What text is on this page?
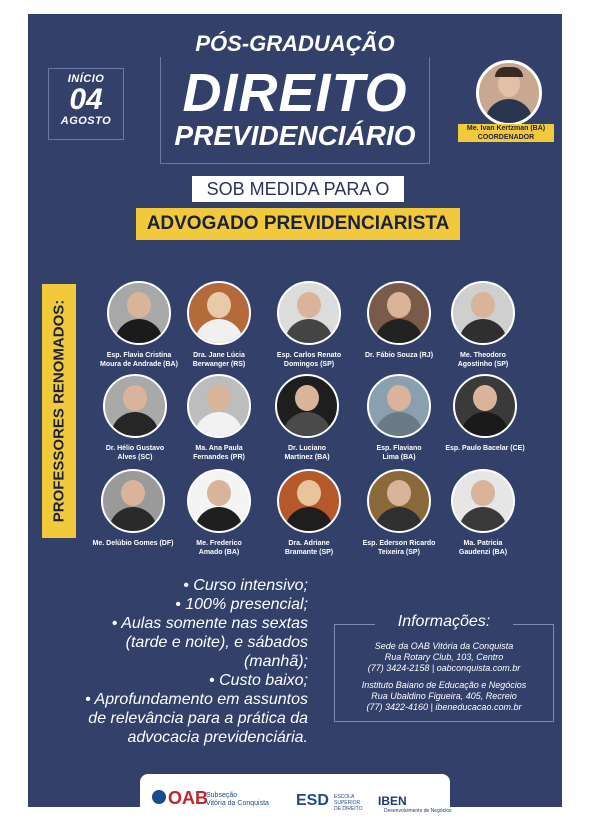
INÍCIO
04
AGOSTO
PÓS-GRADUAÇÃO
DIREITO
PREVIDENCIÁRIO	Me. Ivan Kertzman (BA)
COORDENADOR
SOB MEDIDA PARA O
ADVOGADO PREVIDENCIARISTA
PROFESSORES RENOMADOS:	Esp. Flavia Cristina
Moura de Andrade (BA)
Dra. Jane Lúcia
Berwanger (RS)
Esp. Carlos Renato
Domingos (SP)
Dr. Fábio Souza (RJ)	Me. Theodoro
Agostinho (SP)
Dr. Hélio Gustavo
Alves (SC)
Ma. Ana Paula
Fernandes (PR)
Dr. Luciano
Martinez (BA)
Esp. Flaviano
Lima (BA)
Esp. Paulo Bacelar (CE)
Me. Delúbio Gomes (DF)	Me. Frederico
Amado (BA)
Dra. Adriane
Bramante (SP)
Esp. Ederson Ricardo
Teixeira (SP)
Ma. Patricia
Gaudenzi (BA)
• Curso intensivo;
• 100% presencial;
• Aulas somente nas sextas
(tarde e noite), e sábados
(manhã);
• Custo baixo;
• Aprofundamento em assuntos
de relevância para a prática da
advocacia previdenciária.
Informações:
Sede da OAB Vitória da Conquista
Rua Rotary Club, 103, Centro
(77) 3424-2158 | oabconquista.com.br
Instituto Baiano de Educação e Negócios
Rua Ubaldino Figueira, 405, Recreio
(77) 3422-4160 | ibeneducacao.com.br
OAB
Subseção
Vitória da Conquista ESD ESCOLA SUPERIOR DE DIREITO
IBEN
Desenvolvimento de Negócios
